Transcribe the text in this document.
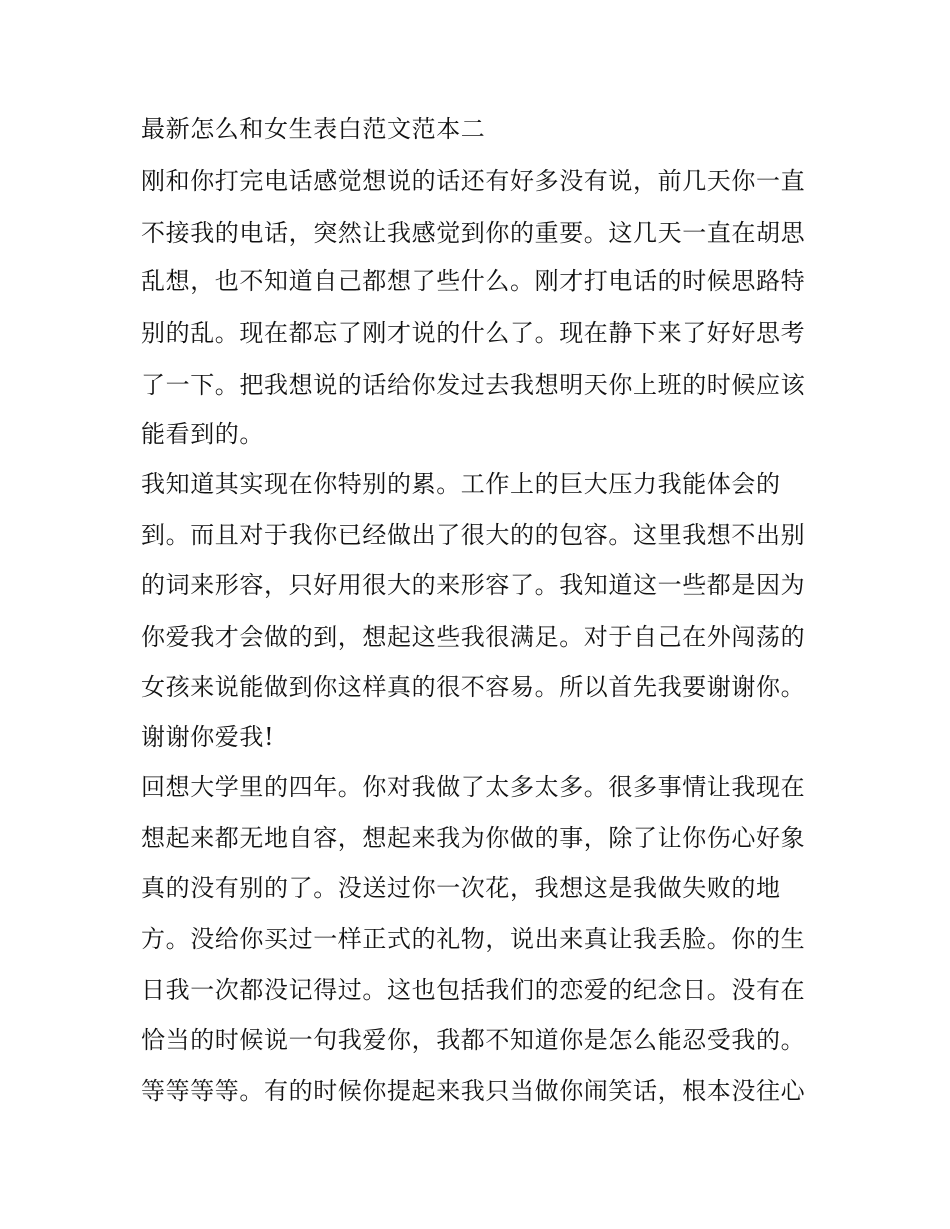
最新怎么和女生表白范文范本二
刚和你打完电话感觉想说的话还有好多没有说，前几天你一直
不接我的电话，突然让我感觉到你的重要。这几天一直在胡思
乱想，也不知道自己都想了些什么。刚才打电话的时候思路特
别的乱。现在都忘了刚才说的什么了。现在静下来了好好思考
了一下。把我想说的话给你发过去我想明天你上班的时候应该
能看到的。
我知道其实现在你特别的累。工作上的巨大压力我能体会的
到。而且对于我你已经做出了很大的的包容。这里我想不出别
的词来形容，只好用很大的来形容了。我知道这一些都是因为
你爱我才会做的到，想起这些我很满足。对于自己在外闯荡的
女孩来说能做到你这样真的很不容易。所以首先我要谢谢你。
谢谢你爱我!
回想大学里的四年。你对我做了太多太多。很多事情让我现在
想起来都无地自容，想起来我为你做的事，除了让你伤心好象
真的没有别的了。没送过你一次花，我想这是我做失败的地
方。没给你买过一样正式的礼物，说出来真让我丢脸。你的生
日我一次都没记得过。这也包括我们的恋爱的纪念日。没有在
恰当的时候说一句我爱你，我都不知道你是怎么能忍受我的。
等等等等。有的时候你提起来我只当做你闹笑话，根本没往心
